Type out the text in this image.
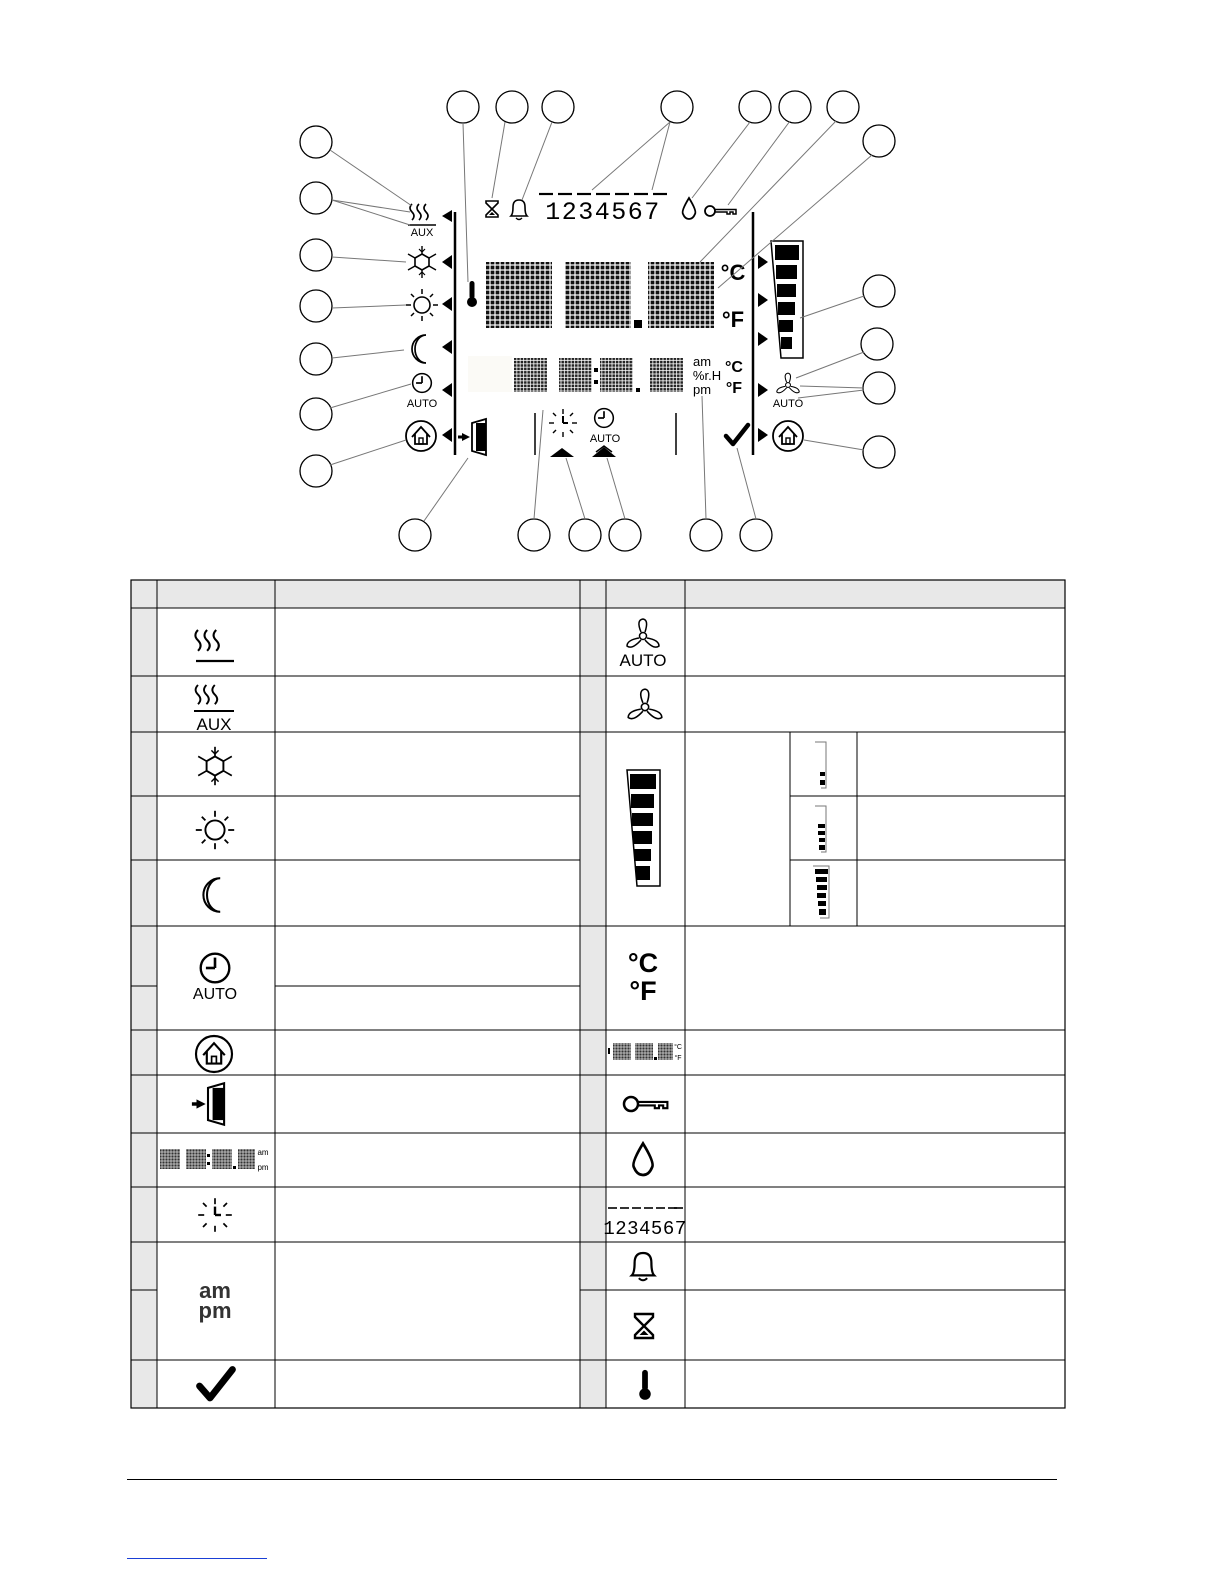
AUX
AUTO
1234567
°C
°F
am
%r.H
pm
°C
°F
AUTO
AUTO
AUX
AUTO
am
pm
am
pm
AUTO
°C
°F
°C
°F
1234567
